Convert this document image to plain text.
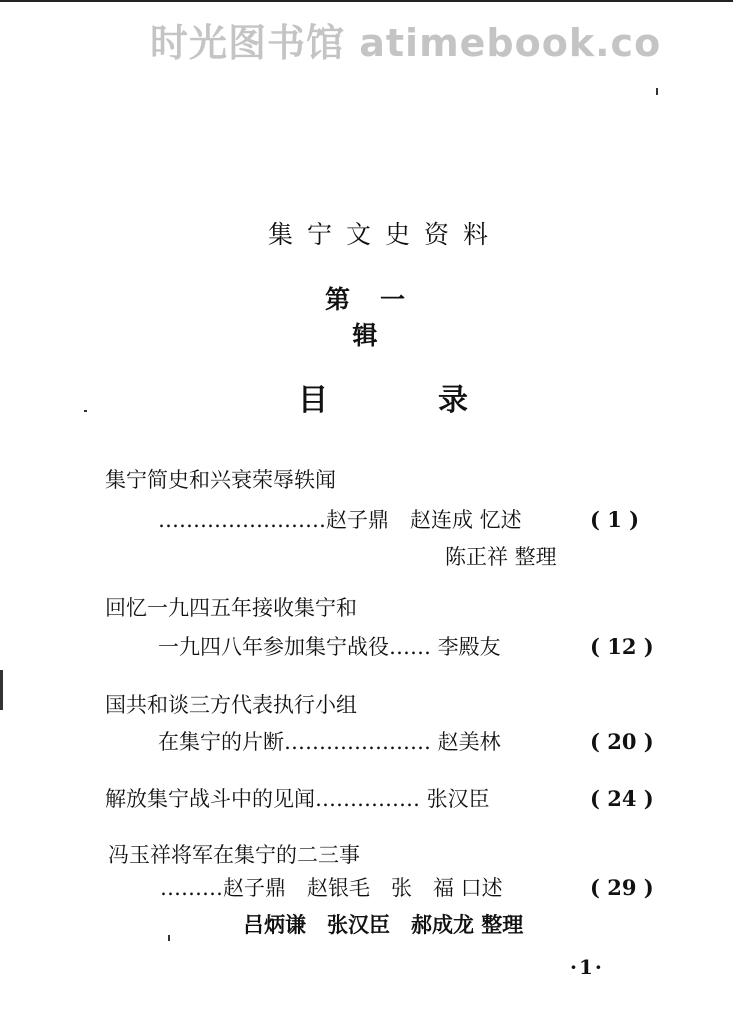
时光图书馆 atimebook.co
集宁文史资料
第一辑
目	录
集宁简史和兴衰荣辱轶闻
……………………赵子鼎　赵连成 忆述	( 1 )
陈正祥 整理
回忆一九四五年接收集宁和
一九四八年参加集宁战役…… 李殿友	( 12 )
国共和谈三方代表执行小组
在集宁的片断………………… 赵美林	( 20 )
解放集宁战斗中的见闻…………… 张汉臣	( 24 )
冯玉祥将军在集宁的二三事
………赵子鼎　赵银毛　张　福 口述	( 29 )
吕炳谦　张汉臣　郝成龙 整理
·1·
